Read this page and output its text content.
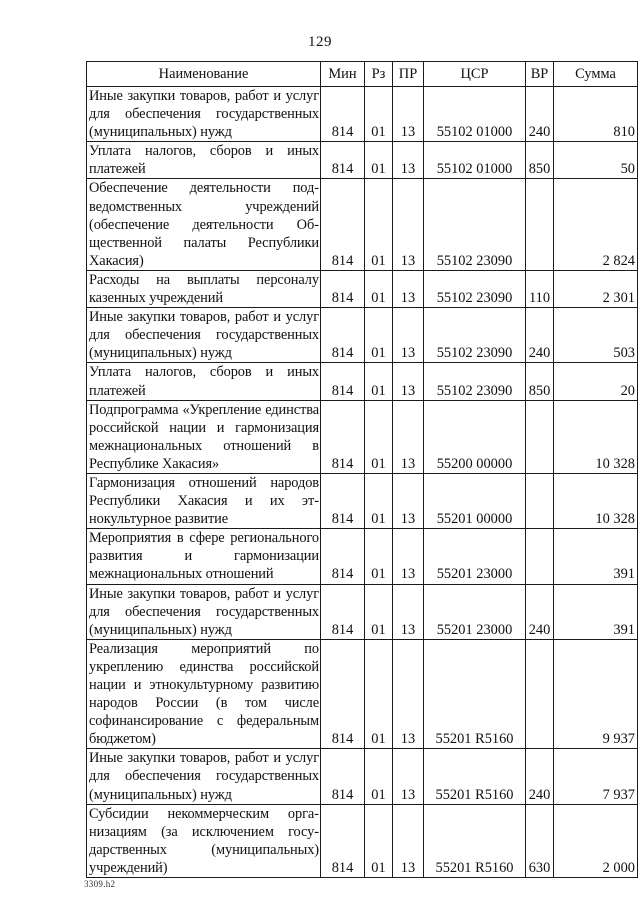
129
Наименование	Мин	Рз	ПР	ЦСР	ВР	Сумма
Иные закупки товаров, работ и услуг для обеспечения государственных (муниципальных) нужд	814	01	13	55102 01000	240	810
Уплата налогов, сборов и иных платежей	814	01	13	55102 01000	850	50
Обеспечение деятельности подведомственных учреждений (обеспечение деятельности Общественной палаты Республики Хакасия)	814	01	13	55102 23090		2 824
Расходы на выплаты персоналу казенных учреждений	814	01	13	55102 23090	110	2 301
Иные закупки товаров, работ и услуг для обеспечения государственных (муниципальных) нужд	814	01	13	55102 23090	240	503
Уплата налогов, сборов и иных платежей	814	01	13	55102 23090	850	20
Подпрограмма «Укрепление единства российской нации и гармонизация межнациональных отношений в Республике Хакасия»	814	01	13	55200 00000		10 328
Гармонизация отношений народов Республики Хакасия и их этнокультурное развитие	814	01	13	55201 00000		10 328
Мероприятия в сфере регионального развития и гармонизации межнациональных отношений	814	01	13	55201 23000		391
Иные закупки товаров, работ и услуг для обеспечения государственных (муниципальных) нужд	814	01	13	55201 23000	240	391
Реализация мероприятий по укреплению единства российской нации и этнокультурному развитию народов России (в том числе софинансирование с федеральным бюджетом)	814	01	13	55201 R5160		9 937
Иные закупки товаров, работ и услуг для обеспечения государственных (муниципальных) нужд	814	01	13	55201 R5160	240	7 937
Субсидии некоммерческим организациям (за исключением государственных (муниципальных) учреждений)	814	01	13	55201 R5160	630	2 000
3309.h2
